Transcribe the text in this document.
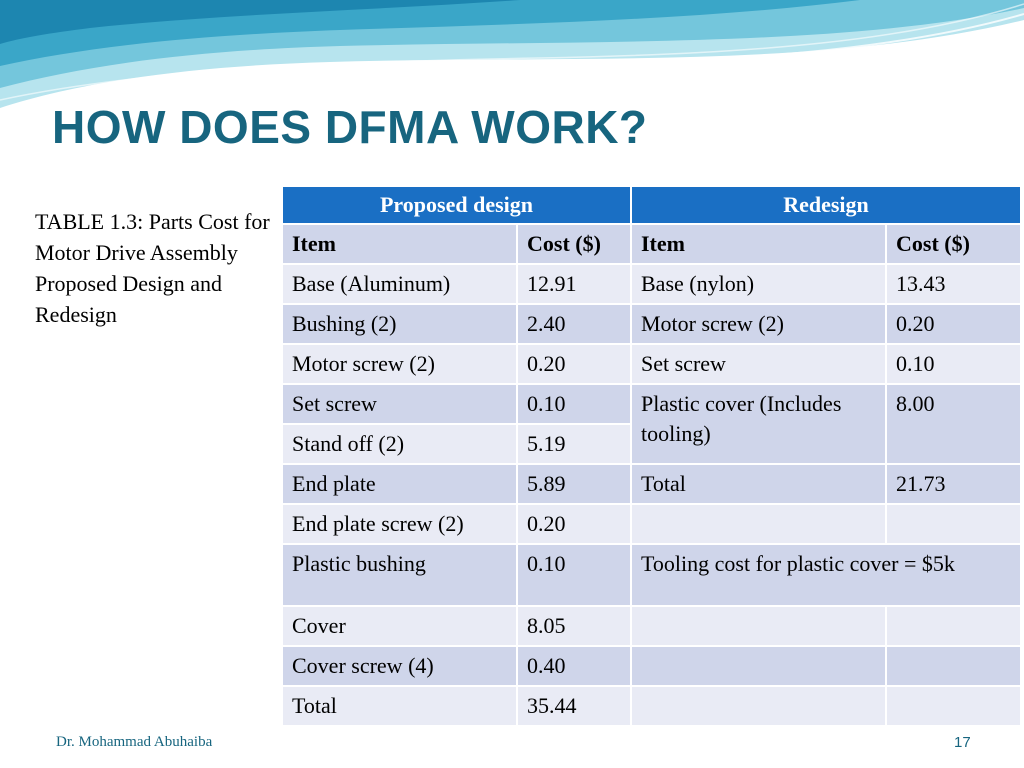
HOW DOES DFMA WORK?
TABLE 1.3: Parts Cost for Motor Drive Assembly Proposed Design and Redesign
Proposed design		Redesign	
Item	Cost ($)	Item	Cost ($)
Base (Aluminum)	12.91	Base (nylon)	13.43
Bushing (2)	2.40	Motor screw (2)	0.20
Motor screw (2)	0.20	Set screw	0.10
Set screw	0.10	Plastic cover (Includes tooling)	8.00
Stand off (2)	5.19		
End plate	5.89	Total	21.73
End plate screw (2)	0.20		
Plastic bushing	0.10	Tooling cost for plastic cover = $5k	
Cover	8.05		
Cover screw (4)	0.40		
Total	35.44		
Dr. Mohammad Abuhaiba	17
